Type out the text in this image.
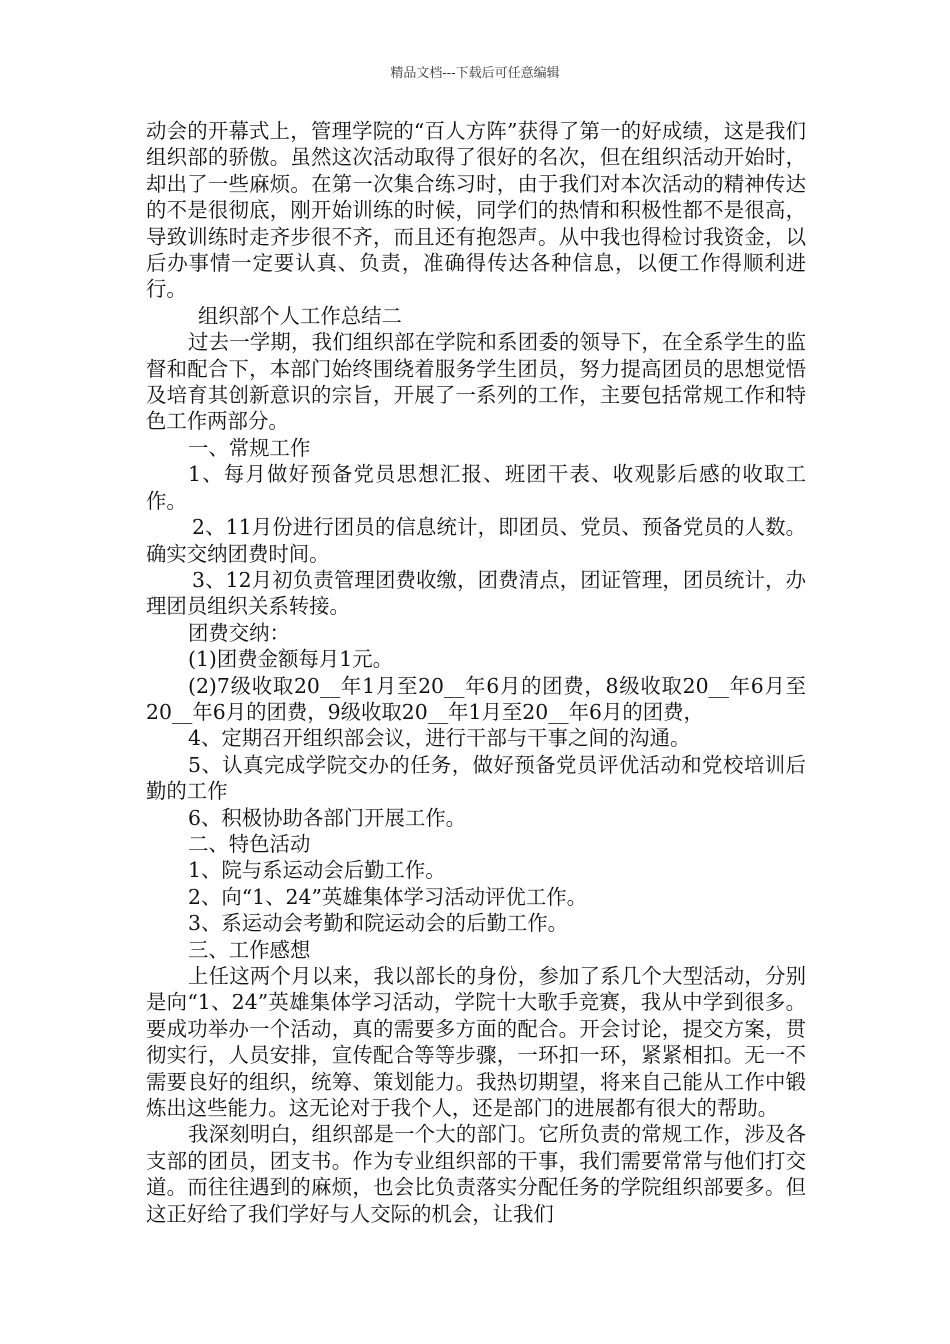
精品文档---下载后可任意编辑

动会的开幕式上，管理学院的“百人方阵”获得了第一的好成绩，这是我们组织部的骄傲。虽然这次活动取得了很好的名次，但在组织活动开始时，却出了一些麻烦。在第一次集合练习时，由于我们对本次活动的精神传达的不是很彻底，刚开始训练的时候，同学们的热情和积极性都不是很高，导致训练时走齐步很不齐，而且还有抱怨声。从中我也得检讨我资金，以后办事情一定要认真、负责，准确得传达各种信息，以便工作得顺利进行。

组织部个人工作总结二

过去一学期，我们组织部在学院和系团委的领导下，在全系学生的监督和配合下，本部门始终围绕着服务学生团员，努力提高团员的思想觉悟及培育其创新意识的宗旨，开展了一系列的工作，主要包括常规工作和特色工作两部分。

一、常规工作

1、每月做好预备党员思想汇报、班团干表、收观影后感的收取工作。

2、11月份进行团员的信息统计，即团员、党员、预备党员的人数。确实交纳团费时间。

3、12月初负责管理团费收缴，团费清点，团证管理，团员统计，办理团员组织关系转接。

团费交纳：

(1)团费金额每月1元。

(2)7级收取20__年1月至20__年6月的团费，8级收取20__年6月至20__年6月的团费，9级收取20__年1月至20__年6月的团费，

4、定期召开组织部会议，进行干部与干事之间的沟通。

5、认真完成学院交办的任务，做好预备党员评优活动和党校培训后勤的工作

6、积极协助各部门开展工作。

二、特色活动

1、院与系运动会后勤工作。

2、向“1、24”英雄集体学习活动评优工作。

3、系运动会考勤和院运动会的后勤工作。

三、工作感想

上任这两个月以来，我以部长的身份，参加了系几个大型活动，分别是向“1、24”英雄集体学习活动，学院十大歌手竞赛，我从中学到很多。要成功举办一个活动，真的需要多方面的配合。开会讨论，提交方案，贯彻实行，人员安排，宣传配合等等步骤，一环扣一环，紧紧相扣。无一不需要良好的组织，统筹、策划能力。我热切期望，将来自己能从工作中锻炼出这些能力。这无论对于我个人，还是部门的进展都有很大的帮助。

我深刻明白，组织部是一个大的部门。它所负责的常规工作，涉及各支部的团员，团支书。作为专业组织部的干事，我们需要常常与他们打交道。而往往遇到的麻烦，也会比负责落实分配任务的学院组织部要多。但这正好给了我们学好与人交际的机会，让我们
